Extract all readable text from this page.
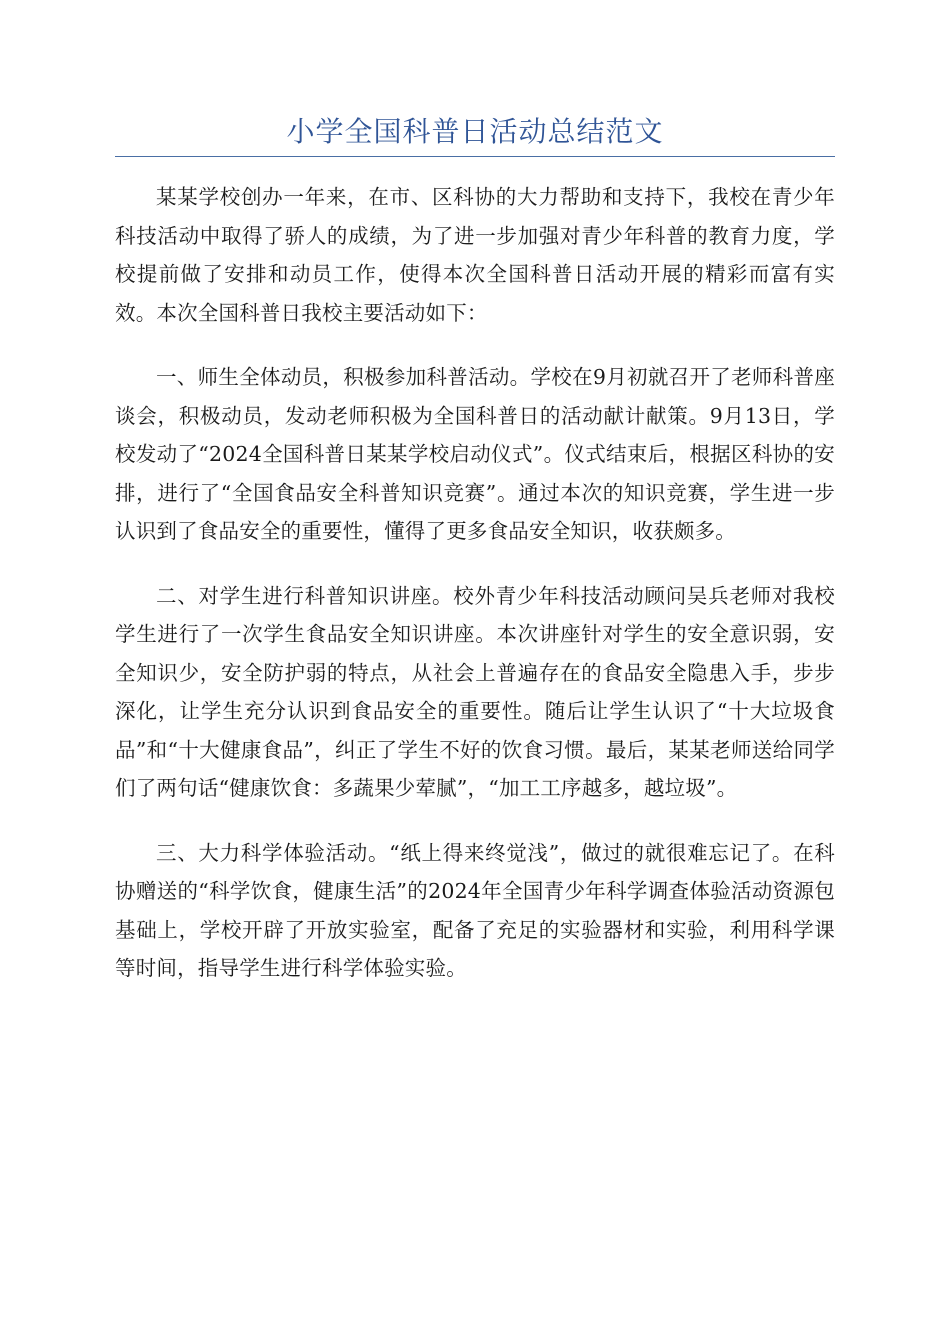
小学全国科普日活动总结范文

某某学校创办一年来，在市、区科协的大力帮助和支持下，我校在青少年科技活动中取得了骄人的成绩，为了进一步加强对青少年科普的教育力度，学校提前做了安排和动员工作，使得本次全国科普日活动开展的精彩而富有实效。本次全国科普日我校主要活动如下：

一、师生全体动员，积极参加科普活动。学校在9月初就召开了老师科普座谈会，积极动员，发动老师积极为全国科普日的活动献计献策。9月13日，学校发动了“2024全国科普日某某学校启动仪式”。仪式结束后，根据区科协的安排，进行了“全国食品安全科普知识竞赛”。通过本次的知识竞赛，学生进一步认识到了食品安全的重要性，懂得了更多食品安全知识，收获颇多。

二、对学生进行科普知识讲座。校外青少年科技活动顾问吴兵老师对我校学生进行了一次学生食品安全知识讲座。本次讲座针对学生的安全意识弱，安全知识少，安全防护弱的特点，从社会上普遍存在的食品安全隐患入手，步步深化，让学生充分认识到食品安全的重要性。随后让学生认识了“十大垃圾食品”和“十大健康食品”，纠正了学生不好的饮食习惯。最后，某某老师送给同学们了两句话“健康饮食：多蔬果少荤腻”，“加工工序越多，越垃圾”。

三、大力科学体验活动。“纸上得来终觉浅”，做过的就很难忘记了。在科协赠送的“科学饮食，健康生活”的2024年全国青少年科学调查体验活动资源包基础上，学校开辟了开放实验室，配备了充足的实验器材和实验，利用科学课等时间，指导学生进行科学体验实验。
